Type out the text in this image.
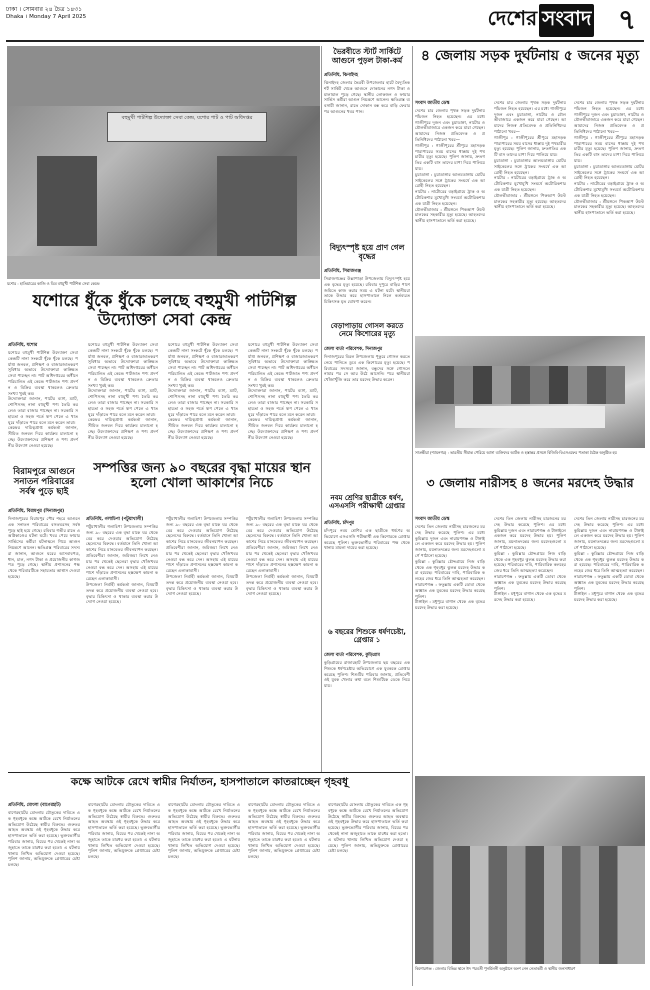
ঢাকা । সোমবার ২৪ চৈত্র ১৪৩১
Dhaka । Monday 7 April 2025	দেশের সংবাদ ৭
বহুমুখী পাটশিল্প উদ্যোক্তা সেবা কেন্দ্র, যশোর পাট ও পাট অধিদপ্তর
যশোর : হাতিয়ারের কাজি ও ডিম বহুমুখী পাটশিল্প সেবা কেন্দ্রে
ভৈরবীতে স্টার্ট সার্কিটে আগুনে পুড়ল টাকা-কর্ম
প্রতিনিধি, ঝিনাইদহ
ঝিনাইদহ জেলার ভৈরবী উপজেলার হাটে বৈদ্যুতিক শর্ট সার্কিট থেকে আগুনে দোকানের নগদ টাকা ও মালামাল পুড়ে গেছে। স্থানীয় লোকজন ও ফায়ার সার্ভিস কর্মীরা আগুন নিয়ন্ত্রণে আনেন। ক্ষতিগ্রস্ত ব্যবসায়ী জানান, রাতে দোকান বন্ধ করে বাড়ি ফেরার পর আগুনের খবর পান।
বিদ্যুৎস্পৃষ্ট হয়ে প্রাণ গেল বৃদ্ধের
প্রতিনিধি, সিরাজগঞ্জ
সিরাজগঞ্জের উল্লাপাড়া উপজেলায় বিদ্যুৎস্পৃষ্ট হয়ে এক বৃদ্ধের মৃত্যু হয়েছে। রবিবার দুপুরে বাড়ির পাশে জমিতে কাজ করার সময় এ ঘটনা ঘটে। স্থানীয়রা তাকে উদ্ধার করে হাসপাতালে নিলে কর্তব্যরত চিকিৎসক মৃত ঘোষণা করেন।
যশোরে ধুঁকে ধুঁকে চলছে বহুমুখী পাটশিল্প উদ্যোক্তা সেবা কেন্দ্র
প্রতিনিধি, যশোর
যশোরে বহুমুখী পাটশিল্প উদ্যোক্তা সেবা কেন্দ্রটি নানা সংকটে ধুঁকে ধুঁকে চলছে। পর্যাপ্ত জনবল, প্রশিক্ষণ ও বাজারজাতকরণ সুবিধার অভাবে উদ্যোক্তারা কাঙ্ক্ষিত সেবা পাচ্ছেন না। পাট অধিদপ্তরের অধীনে পরিচালিত এই কেন্দ্রে পাটজাত পণ্য প্রদর্শন ও বিক্রির ব্যবস্থা থাকলেও ক্রেতার সংখ্যা খুবই কম।
উদ্যোক্তারা জানান, পাটের ব্যাগ, ম্যাট, শোপিসসহ নানা বহুমুখী পণ্য তৈরি করলেও তারা বাজার পাচ্ছেন না। সরকারি সহায়তা ও সহজ শর্তে ঋণ পেলে এ খাত ঘুরে দাঁড়াতে পারে বলে মনে করেন তারা।
কেন্দ্রের দায়িত্বপ্রাপ্ত কর্মকর্তা জানান, সীমিত জনবল দিয়ে কার্যক্রম চালানো হচ্ছে। উদ্যোক্তাদের প্রশিক্ষণ ও পণ্য প্রদর্শনীর উদ্যোগ নেওয়া হয়েছে।
যশোরে বহুমুখী পাটশিল্প উদ্যোক্তা সেবা কেন্দ্রটি নানা সংকটে ধুঁকে ধুঁকে চলছে। পর্যাপ্ত জনবল, প্রশিক্ষণ ও বাজারজাতকরণ সুবিধার অভাবে উদ্যোক্তারা কাঙ্ক্ষিত সেবা পাচ্ছেন না। পাট অধিদপ্তরের অধীনে পরিচালিত এই কেন্দ্রে পাটজাত পণ্য প্রদর্শন ও বিক্রির ব্যবস্থা থাকলেও ক্রেতার সংখ্যা খুবই কম।
উদ্যোক্তারা জানান, পাটের ব্যাগ, ম্যাট, শোপিসসহ নানা বহুমুখী পণ্য তৈরি করলেও তারা বাজার পাচ্ছেন না। সরকারি সহায়তা ও সহজ শর্তে ঋণ পেলে এ খাত ঘুরে দাঁড়াতে পারে বলে মনে করেন তারা।
কেন্দ্রের দায়িত্বপ্রাপ্ত কর্মকর্তা জানান, সীমিত জনবল দিয়ে কার্যক্রম চালানো হচ্ছে। উদ্যোক্তাদের প্রশিক্ষণ ও পণ্য প্রদর্শনীর উদ্যোগ নেওয়া হয়েছে।
যশোরে বহুমুখী পাটশিল্প উদ্যোক্তা সেবা কেন্দ্রটি নানা সংকটে ধুঁকে ধুঁকে চলছে। পর্যাপ্ত জনবল, প্রশিক্ষণ ও বাজারজাতকরণ সুবিধার অভাবে উদ্যোক্তারা কাঙ্ক্ষিত সেবা পাচ্ছেন না। পাট অধিদপ্তরের অধীনে পরিচালিত এই কেন্দ্রে পাটজাত পণ্য প্রদর্শন ও বিক্রির ব্যবস্থা থাকলেও ক্রেতার সংখ্যা খুবই কম।
উদ্যোক্তারা জানান, পাটের ব্যাগ, ম্যাট, শোপিসসহ নানা বহুমুখী পণ্য তৈরি করলেও তারা বাজার পাচ্ছেন না। সরকারি সহায়তা ও সহজ শর্তে ঋণ পেলে এ খাত ঘুরে দাঁড়াতে পারে বলে মনে করেন তারা।
কেন্দ্রের দায়িত্বপ্রাপ্ত কর্মকর্তা জানান, সীমিত জনবল দিয়ে কার্যক্রম চালানো হচ্ছে। উদ্যোক্তাদের প্রশিক্ষণ ও পণ্য প্রদর্শনীর উদ্যোগ নেওয়া হয়েছে।
যশোরে বহুমুখী পাটশিল্প উদ্যোক্তা সেবা কেন্দ্রটি নানা সংকটে ধুঁকে ধুঁকে চলছে। পর্যাপ্ত জনবল, প্রশিক্ষণ ও বাজারজাতকরণ সুবিধার অভাবে উদ্যোক্তারা কাঙ্ক্ষিত সেবা পাচ্ছেন না। পাট অধিদপ্তরের অধীনে পরিচালিত এই কেন্দ্রে পাটজাত পণ্য প্রদর্শন ও বিক্রির ব্যবস্থা থাকলেও ক্রেতার সংখ্যা খুবই কম।
উদ্যোক্তারা জানান, পাটের ব্যাগ, ম্যাট, শোপিসসহ নানা বহুমুখী পণ্য তৈরি করলেও তারা বাজার পাচ্ছেন না। সরকারি সহায়তা ও সহজ শর্তে ঋণ পেলে এ খাত ঘুরে দাঁড়াতে পারে বলে মনে করেন তারা।
কেন্দ্রের দায়িত্বপ্রাপ্ত কর্মকর্তা জানান, সীমিত জনবল দিয়ে কার্যক্রম চালানো হচ্ছে। উদ্যোক্তাদের প্রশিক্ষণ ও পণ্য প্রদর্শনীর উদ্যোগ নেওয়া হয়েছে।
বেড়াপাড়ায় গোসল করতে নেমে কিশোরের মৃত্যু
জেলা বার্তা পরিবেশক, দিনাজপুর
দিনাজপুরের বিরল উপজেলায় পুকুরে গোসল করতে নেমে পানিতে ডুবে এক কিশোরের মৃত্যু হয়েছে। পরিবারের সদস্যরা জানান, বন্ধুদের সঙ্গে গোসলে নামার পর সে আর উঠে আসেনি। পরে স্থানীয়রা খোঁজাখুঁজি করে তার মরদেহ উদ্ধার করেন।
৪ জেলায় সড়ক দুর্ঘটনায় ৫ জনের মৃত্যু
সংবাদ জাতীয় ডেস্ক
দেশের চার জেলায় পৃথক সড়ক দুর্ঘটনায় পাঁচজন নিহত হয়েছেন। এর মধ্যে গাজীপুরে দুজন এবং চুয়াডাঙ্গা, নাটোর ও মৌলভীবাজারে একজন করে মারা গেছেন। আমাদের নিজস্ব প্রতিবেদক ও প্রতিনিধিদের পাঠানো খবর—
গাজীপুর : গাজীপুরের শ্রীপুরে মহাসড়ক পারাপারের সময় বাসের ধাক্কায় দুই পথচারীর মৃত্যু হয়েছে। পুলিশ জানায়, দ্রুতগতির একটি বাস তাদের চাপা দিয়ে পালিয়ে যায়।
চুয়াডাঙ্গা : চুয়াডাঙ্গার আলমডাঙ্গায় মোটরসাইকেলের সঙ্গে ট্রাকের সংঘর্ষে এক আরোহী নিহত হয়েছেন।
নাটোর : নাটোরের বড়াইগ্রামে ট্রাক ও অটোরিকশার মুখোমুখি সংঘর্ষে অটোরিকশার এক যাত্রী নিহত হয়েছেন।
মৌলভীবাজার : শ্রীমঙ্গলে পিকআপ উল্টে চালকের সহকারীর মৃত্যু হয়েছে। আহতদের স্থানীয় হাসপাতালে ভর্তি করা হয়েছে।
দেশের চার জেলায় পৃথক সড়ক দুর্ঘটনায় পাঁচজন নিহত হয়েছেন। এর মধ্যে গাজীপুরে দুজন এবং চুয়াডাঙ্গা, নাটোর ও মৌলভীবাজারে একজন করে মারা গেছেন। আমাদের নিজস্ব প্রতিবেদক ও প্রতিনিধিদের পাঠানো খবর—
গাজীপুর : গাজীপুরের শ্রীপুরে মহাসড়ক পারাপারের সময় বাসের ধাক্কায় দুই পথচারীর মৃত্যু হয়েছে। পুলিশ জানায়, দ্রুতগতির একটি বাস তাদের চাপা দিয়ে পালিয়ে যায়।
চুয়াডাঙ্গা : চুয়াডাঙ্গার আলমডাঙ্গায় মোটরসাইকেলের সঙ্গে ট্রাকের সংঘর্ষে এক আরোহী নিহত হয়েছেন।
নাটোর : নাটোরের বড়াইগ্রামে ট্রাক ও অটোরিকশার মুখোমুখি সংঘর্ষে অটোরিকশার এক যাত্রী নিহত হয়েছেন।
মৌলভীবাজার : শ্রীমঙ্গলে পিকআপ উল্টে চালকের সহকারীর মৃত্যু হয়েছে। আহতদের স্থানীয় হাসপাতালে ভর্তি করা হয়েছে।
দেশের চার জেলায় পৃথক সড়ক দুর্ঘটনায় পাঁচজন নিহত হয়েছেন। এর মধ্যে গাজীপুরে দুজন এবং চুয়াডাঙ্গা, নাটোর ও মৌলভীবাজারে একজন করে মারা গেছেন। আমাদের নিজস্ব প্রতিবেদক ও প্রতিনিধিদের পাঠানো খবর—
গাজীপুর : গাজীপুরের শ্রীপুরে মহাসড়ক পারাপারের সময় বাসের ধাক্কায় দুই পথচারীর মৃত্যু হয়েছে। পুলিশ জানায়, দ্রুতগতির একটি বাস তাদের চাপা দিয়ে পালিয়ে যায়।
চুয়াডাঙ্গা : চুয়াডাঙ্গার আলমডাঙ্গায় মোটরসাইকেলের সঙ্গে ট্রাকের সংঘর্ষে এক আরোহী নিহত হয়েছেন।
নাটোর : নাটোরের বড়াইগ্রামে ট্রাক ও অটোরিকশার মুখোমুখি সংঘর্ষে অটোরিকশার এক যাত্রী নিহত হয়েছেন।
মৌলভীবাজার : শ্রীমঙ্গলে পিকআপ উল্টে চালকের সহকারীর মৃত্যু হয়েছে। আহতদের স্থানীয় হাসপাতালে ভর্তি করা হয়েছে।
সাতক্ষীরা (শ্যামনগর) : ভারতীয় সীমান্ত পেরিয়ে আসা ব্যক্তিদের আটক ও হস্তান্তর প্রসঙ্গে বিজিবি-বিএসএফের পতাকা বৈঠক অনুষ্ঠিত হয়
৩ জেলায় নারীসহ ৪ জনের মরদেহ উদ্ধার
সংবাদ জাতীয় ডেস্ক
দেশের তিন জেলায় নারীসহ চারজনের মরদেহ উদ্ধার করেছে পুলিশ। এর মধ্যে কুমিল্লায় দুজন এবং নারায়ণগঞ্জ ও টাঙ্গাইলে একজন করে মরদেহ উদ্ধার হয়। পুলিশ জানায়, ময়নাতদন্তের জন্য মরদেহগুলো মর্গে পাঠানো হয়েছে।
কুমিল্লা : কুমিল্লার চৌদ্দগ্রামে নিজ বাড়ি থেকে এক গৃহবধূর ঝুলন্ত মরদেহ উদ্ধার করা হয়েছে। পরিবারের দাবি, পারিবারিক কলহের জের ধরে তিনি আত্মহত্যা করেছেন।
নারায়ণগঞ্জ : ফতুল্লায় একটি ডোবা থেকে অজ্ঞাত এক যুবকের মরদেহ উদ্ধার করেছে পুলিশ।
টাঙ্গাইল : মধুপুরে বাগান থেকে এক বৃদ্ধের মরদেহ উদ্ধার করা হয়েছে।
দেশের তিন জেলায় নারীসহ চারজনের মরদেহ উদ্ধার করেছে পুলিশ। এর মধ্যে কুমিল্লায় দুজন এবং নারায়ণগঞ্জ ও টাঙ্গাইলে একজন করে মরদেহ উদ্ধার হয়। পুলিশ জানায়, ময়নাতদন্তের জন্য মরদেহগুলো মর্গে পাঠানো হয়েছে।
কুমিল্লা : কুমিল্লার চৌদ্দগ্রামে নিজ বাড়ি থেকে এক গৃহবধূর ঝুলন্ত মরদেহ উদ্ধার করা হয়েছে। পরিবারের দাবি, পারিবারিক কলহের জের ধরে তিনি আত্মহত্যা করেছেন।
নারায়ণগঞ্জ : ফতুল্লায় একটি ডোবা থেকে অজ্ঞাত এক যুবকের মরদেহ উদ্ধার করেছে পুলিশ।
টাঙ্গাইল : মধুপুরে বাগান থেকে এক বৃদ্ধের মরদেহ উদ্ধার করা হয়েছে।
দেশের তিন জেলায় নারীসহ চারজনের মরদেহ উদ্ধার করেছে পুলিশ। এর মধ্যে কুমিল্লায় দুজন এবং নারায়ণগঞ্জ ও টাঙ্গাইলে একজন করে মরদেহ উদ্ধার হয়। পুলিশ জানায়, ময়নাতদন্তের জন্য মরদেহগুলো মর্গে পাঠানো হয়েছে।
কুমিল্লা : কুমিল্লার চৌদ্দগ্রামে নিজ বাড়ি থেকে এক গৃহবধূর ঝুলন্ত মরদেহ উদ্ধার করা হয়েছে। পরিবারের দাবি, পারিবারিক কলহের জের ধরে তিনি আত্মহত্যা করেছেন।
নারায়ণগঞ্জ : ফতুল্লায় একটি ডোবা থেকে অজ্ঞাত এক যুবকের মরদেহ উদ্ধার করেছে পুলিশ।
টাঙ্গাইল : মধুপুরে বাগান থেকে এক বৃদ্ধের মরদেহ উদ্ধার করা হয়েছে।
বিরামপুরে আগুনে সনাতন পরিবারের সর্বস্ব পুড়ে ছাই
প্রতিনিধি, বিরামপুর (দিনাজপুর)
দিনাজপুরের বিরামপুর পৌর শহরে আগুনে এক সনাতন পরিবারের বসতঘরসহ সর্বস্ব পুড়ে ছাই হয়ে গেছে। রবিবার গভীর রাতে এ অগ্নিকাণ্ডের ঘটনা ঘটে। খবর পেয়ে ফায়ার সার্ভিসের কর্মীরা ঘটনাস্থলে গিয়ে আগুন নিয়ন্ত্রণে আনেন। ক্ষতিগ্রস্ত পরিবারের সদস্যরা জানান, আগুনে ঘরের আসবাবপত্র, ধান, চাল, নগদ টাকা ও প্রয়োজনীয় কাগজপত্র পুড়ে গেছে। স্থানীয় প্রশাসনের পক্ষ থেকে পরিবারটিকে সহায়তার আশ্বাস দেওয়া হয়েছে।
সম্পত্তির জন্য ৯০ বছরের বৃদ্ধা মায়ের স্থান হলো খোলা আকাশের নিচে
প্রতিনিধি, গলাচিপা (পটুয়াখালী)
পটুয়াখালীর গলাচিপা উপজেলায় সম্পত্তির জন্য ৯০ বছরের এক বৃদ্ধা মাকে ঘর থেকে বের করে দেওয়ার অভিযোগ উঠেছে ছেলেদের বিরুদ্ধে। বর্তমানে তিনি খোলা আকাশের নিচে মানবেতর জীবনযাপন করছেন। প্রতিবেশীরা জানান, জমিজমা লিখে নেওয়ার পর থেকেই ছেলেরা বৃদ্ধার খোঁজখবর নেওয়া বন্ধ করে দেন। অসহায় এই মায়ের পাশে দাঁড়াতে প্রশাসনের হস্তক্ষেপ কামনা করেছেন এলাকাবাসী।
উপজেলা নির্বাহী কর্মকর্তা জানান, বিষয়টি তদন্ত করে প্রয়োজনীয় ব্যবস্থা নেওয়া হবে। বৃদ্ধার চিকিৎসা ও থাকার ব্যবস্থা করার উদ্যোগ নেওয়া হয়েছে।
পটুয়াখালীর গলাচিপা উপজেলায় সম্পত্তির জন্য ৯০ বছরের এক বৃদ্ধা মাকে ঘর থেকে বের করে দেওয়ার অভিযোগ উঠেছে ছেলেদের বিরুদ্ধে। বর্তমানে তিনি খোলা আকাশের নিচে মানবেতর জীবনযাপন করছেন। প্রতিবেশীরা জানান, জমিজমা লিখে নেওয়ার পর থেকেই ছেলেরা বৃদ্ধার খোঁজখবর নেওয়া বন্ধ করে দেন। অসহায় এই মায়ের পাশে দাঁড়াতে প্রশাসনের হস্তক্ষেপ কামনা করেছেন এলাকাবাসী।
উপজেলা নির্বাহী কর্মকর্তা জানান, বিষয়টি তদন্ত করে প্রয়োজনীয় ব্যবস্থা নেওয়া হবে। বৃদ্ধার চিকিৎসা ও থাকার ব্যবস্থা করার উদ্যোগ নেওয়া হয়েছে।
পটুয়াখালীর গলাচিপা উপজেলায় সম্পত্তির জন্য ৯০ বছরের এক বৃদ্ধা মাকে ঘর থেকে বের করে দেওয়ার অভিযোগ উঠেছে ছেলেদের বিরুদ্ধে। বর্তমানে তিনি খোলা আকাশের নিচে মানবেতর জীবনযাপন করছেন। প্রতিবেশীরা জানান, জমিজমা লিখে নেওয়ার পর থেকেই ছেলেরা বৃদ্ধার খোঁজখবর নেওয়া বন্ধ করে দেন। অসহায় এই মায়ের পাশে দাঁড়াতে প্রশাসনের হস্তক্ষেপ কামনা করেছেন এলাকাবাসী।
উপজেলা নির্বাহী কর্মকর্তা জানান, বিষয়টি তদন্ত করে প্রয়োজনীয় ব্যবস্থা নেওয়া হবে। বৃদ্ধার চিকিৎসা ও থাকার ব্যবস্থা করার উদ্যোগ নেওয়া হয়েছে।
নবম শ্রেণির ছাত্রীকে ধর্ষণ, এসএসসি পরীক্ষার্থী গ্রেপ্তার
প্রতিনিধি, চাঁদপুর
চাঁদপুরে নবম শ্রেণির এক ছাত্রীকে ধর্ষণের অভিযোগে এসএসসি পরীক্ষার্থী এক কিশোরকে গ্রেপ্তার করেছে পুলিশ। ভুক্তভোগীর পরিবারের পক্ষ থেকে থানায় মামলা দায়ের করা হয়েছে।
৬ বছরের শিশুকে ধর্ষণচেষ্টা, গ্রেপ্তার ১
জেলা বার্তা পরিবেশক, কুড়িগ্রাম
কুড়িগ্রামের রাজারহাট উপজেলায় ছয় বছরের এক শিশুকে ধর্ষণচেষ্টার অভিযোগে এক যুবককে গ্রেপ্তার করেছে পুলিশ। শিশুটির পরিবার জানায়, প্রতিবেশী ওই যুবক খেলার কথা বলে শিশুটিকে ডেকে নিয়ে যায়।
কক্ষে আটকে রেখে স্বামীর নির্যাতন, হাসপাতালে কাতরাচ্ছেন গৃহবধূ
প্রতিনিধি, মোংলা (বাগেরহাট)
বাগেরহাটের মোংলায় যৌতুকের দাবিতে এক গৃহবধূকে কক্ষে আটকে রেখে নির্যাতনের অভিযোগ উঠেছে স্বামীর বিরুদ্ধে। গুরুতর আহত অবস্থায় ওই গৃহবধূকে উদ্ধার করে হাসপাতালে ভর্তি করা হয়েছে। ভুক্তভোগীর পরিবার জানায়, বিয়ের পর থেকেই নানা অজুহাতে তাকে মারধর করা হতো। এ ঘটনায় থানায় লিখিত অভিযোগ দেওয়া হয়েছে। পুলিশ জানায়, অভিযুক্তকে গ্রেপ্তারের চেষ্টা চলছে।
বাগেরহাটের মোংলায় যৌতুকের দাবিতে এক গৃহবধূকে কক্ষে আটকে রেখে নির্যাতনের অভিযোগ উঠেছে স্বামীর বিরুদ্ধে। গুরুতর আহত অবস্থায় ওই গৃহবধূকে উদ্ধার করে হাসপাতালে ভর্তি করা হয়েছে। ভুক্তভোগীর পরিবার জানায়, বিয়ের পর থেকেই নানা অজুহাতে তাকে মারধর করা হতো। এ ঘটনায় থানায় লিখিত অভিযোগ দেওয়া হয়েছে। পুলিশ জানায়, অভিযুক্তকে গ্রেপ্তারের চেষ্টা চলছে।
বাগেরহাটের মোংলায় যৌতুকের দাবিতে এক গৃহবধূকে কক্ষে আটকে রেখে নির্যাতনের অভিযোগ উঠেছে স্বামীর বিরুদ্ধে। গুরুতর আহত অবস্থায় ওই গৃহবধূকে উদ্ধার করে হাসপাতালে ভর্তি করা হয়েছে। ভুক্তভোগীর পরিবার জানায়, বিয়ের পর থেকেই নানা অজুহাতে তাকে মারধর করা হতো। এ ঘটনায় থানায় লিখিত অভিযোগ দেওয়া হয়েছে। পুলিশ জানায়, অভিযুক্তকে গ্রেপ্তারের চেষ্টা চলছে।
বাগেরহাটের মোংলায় যৌতুকের দাবিতে এক গৃহবধূকে কক্ষে আটকে রেখে নির্যাতনের অভিযোগ উঠেছে স্বামীর বিরুদ্ধে। গুরুতর আহত অবস্থায় ওই গৃহবধূকে উদ্ধার করে হাসপাতালে ভর্তি করা হয়েছে। ভুক্তভোগীর পরিবার জানায়, বিয়ের পর থেকেই নানা অজুহাতে তাকে মারধর করা হতো। এ ঘটনায় থানায় লিখিত অভিযোগ দেওয়া হয়েছে। পুলিশ জানায়, অভিযুক্তকে গ্রেপ্তারের চেষ্টা চলছে।
বাগেরহাটের মোংলায় যৌতুকের দাবিতে এক গৃহবধূকে কক্ষে আটকে রেখে নির্যাতনের অভিযোগ উঠেছে স্বামীর বিরুদ্ধে। গুরুতর আহত অবস্থায় ওই গৃহবধূকে উদ্ধার করে হাসপাতালে ভর্তি করা হয়েছে। ভুক্তভোগীর পরিবার জানায়, বিয়ের পর থেকেই নানা অজুহাতে তাকে মারধর করা হতো। এ ঘটনায় থানায় লিখিত অভিযোগ দেওয়া হয়েছে। পুলিশ জানায়, অভিযুক্তকে গ্রেপ্তারের চেষ্টা চলছে।
কিশোরগঞ্জ : জেলার বিভিন্ন স্থানে ঈদ পরবর্তী পুনর্মিলনী অনুষ্ঠানে অংশ নেন নেতাকর্মী ও স্থানীয় জনসাধারণ
